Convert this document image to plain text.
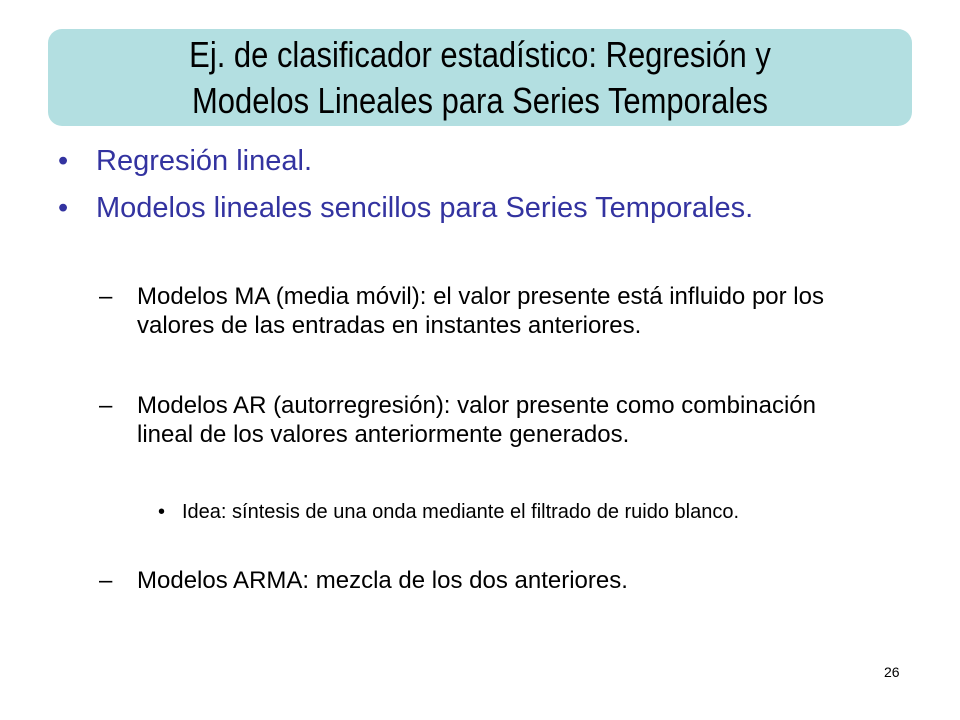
Ej. de clasificador estadístico: Regresión y
Modelos Lineales para Series Temporales
• Regresión lineal.
• Modelos lineales sencillos para Series Temporales.
– Modelos MA (media móvil): el valor presente está influido por los valores de las entradas en instantes anteriores.
– Modelos AR (autorregresión): valor presente como combinación lineal de los valores anteriormente generados.
• Idea: síntesis de una onda mediante el filtrado de ruido blanco.
– Modelos ARMA: mezcla de los dos anteriores.
26
